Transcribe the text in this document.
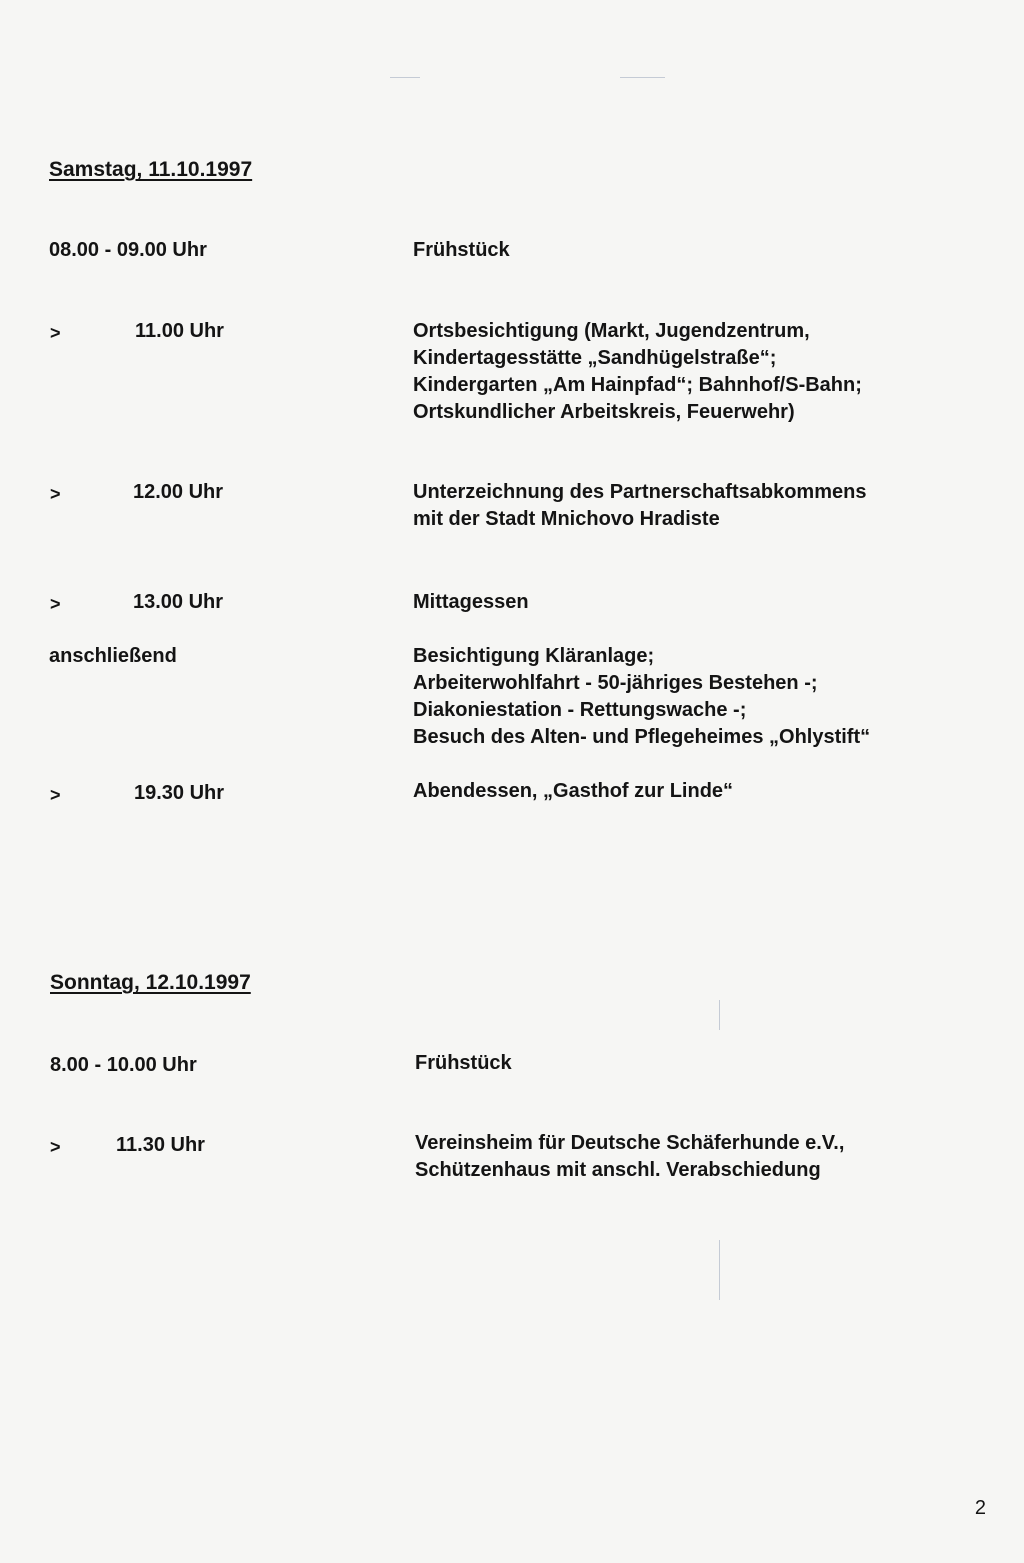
Samstag, 11.10.1997
08.00 - 09.00 Uhr	Frühstück
>	11.00 Uhr	Ortsbesichtigung (Markt, Jugendzentrum,
Kindertagesstätte „Sandhügelstraße“;
Kindergarten „Am Hainpfad“; Bahnhof/S-Bahn;
Ortskundlicher Arbeitskreis, Feuerwehr)
>	12.00 Uhr	Unterzeichnung des Partnerschaftsabkommens
mit der Stadt Mnichovo Hradiste
>	13.00 Uhr	Mittagessen
anschließend	Besichtigung Kläranlage;
Arbeiterwohlfahrt - 50-jähriges Bestehen -;
Diakoniestation - Rettungswache -;
Besuch des Alten- und Pflegeheimes „Ohlystift“
>	19.30 Uhr	Abendessen, „Gasthof zur Linde“
Sonntag, 12.10.1997
8.00 - 10.00 Uhr	Frühstück
>	11.30 Uhr	Vereinsheim für Deutsche Schäferhunde e.V.,
Schützenhaus mit anschl. Verabschiedung
2
